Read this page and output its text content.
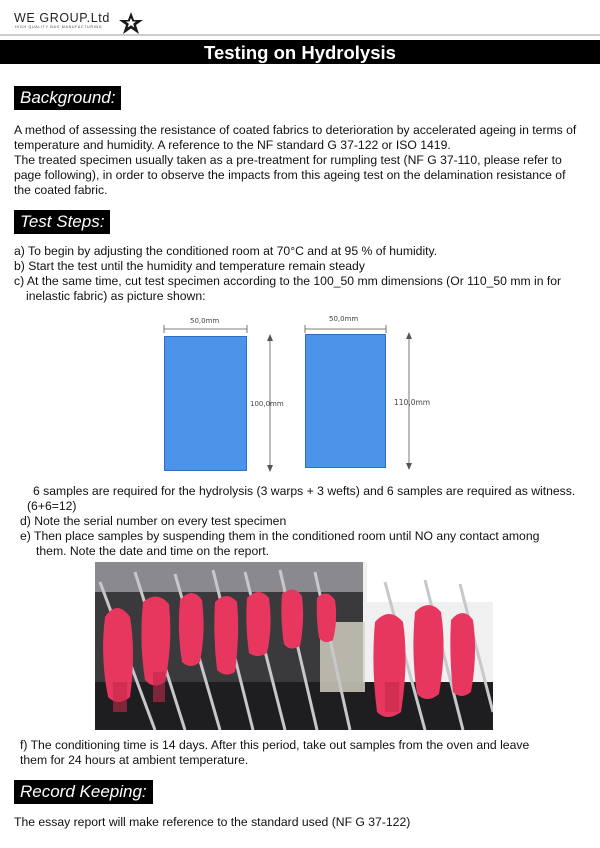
WE GROUP.Ltd
HIGH QUALITY BAG MANUFACTURING
Testing on Hydrolysis
Background:
A method of assessing the resistance of coated fabrics to deterioration by accelerated ageing in terms of
temperature and humidity. A reference to the NF standard G 37-122 or ISO 1419.
The treated specimen usually taken as a pre-treatment for rumpling test (NF G 37-110, please refer to
page following), in order to observe the impacts from this ageing test on the delamination resistance of
the coated fabric.
Test Steps:
a) To begin by adjusting the conditioned room at 70°C and at 95 % of humidity.
b) Start the test until the humidity and temperature remain steady
c) At the same time, cut test specimen according to the 100_50 mm dimensions (Or 110_50 mm in for
inelastic fabric) as picture shown:
50,0mm
100,0mm
50,0mm
110,0mm
6 samples are required for the hydrolysis (3 warps + 3 wefts) and 6 samples are required as witness.
(6+6=12)
d) Note the serial number on every test specimen
e) Then place samples by suspending them in the conditioned room until NO any contact among
them. Note the date and time on the report.
f) The conditioning time is 14 days. After this period, take out samples from the oven and leave
them for 24 hours at ambient temperature.
Record Keeping:
The essay report will make reference to the standard used (NF G 37-122)
